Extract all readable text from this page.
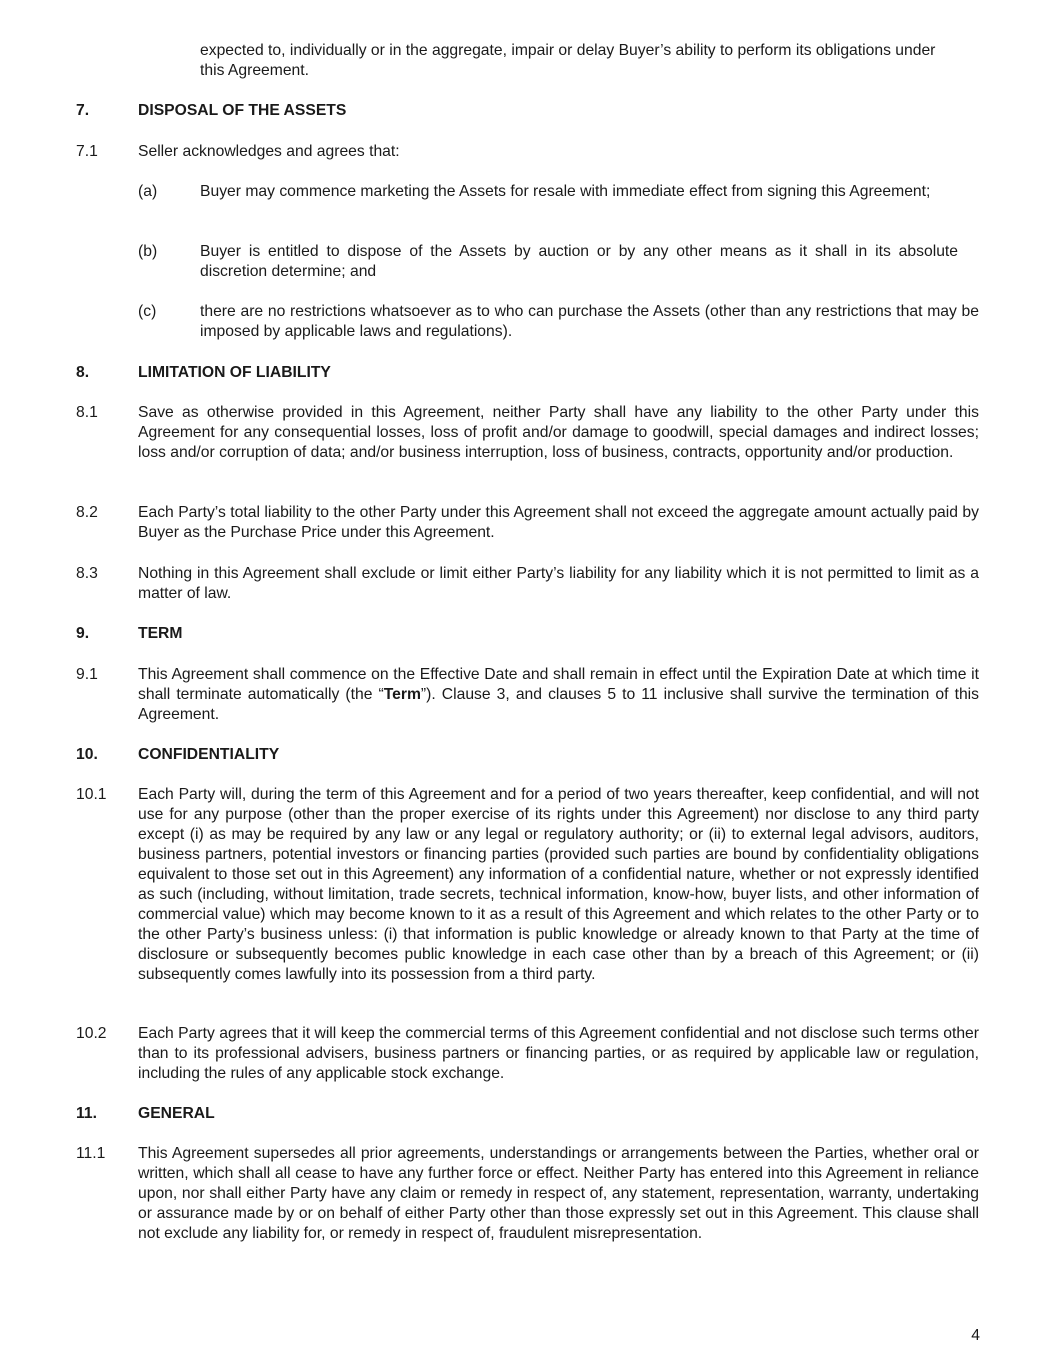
expected to, individually or in the aggregate, impair or delay Buyer’s ability to perform its obligations under this Agreement.
7.	DISPOSAL OF THE ASSETS
7.1	Seller acknowledges and agrees that:
(a)	Buyer may commence marketing the Assets for resale with immediate effect from signing this Agreement;
(b)	Buyer is entitled to dispose of the Assets by auction or by any other means as it shall in its absolute discretion determine; and
(c)	there are no restrictions whatsoever as to who can purchase the Assets (other than any restrictions that may be imposed by applicable laws and regulations).
8.	LIMITATION OF LIABILITY
8.1	Save as otherwise provided in this Agreement, neither Party shall have any liability to the other Party under this Agreement for any consequential losses, loss of profit and/or damage to goodwill, special damages and indirect losses; loss and/or corruption of data; and/or business interruption, loss of business, contracts, opportunity and/or production.
8.2	Each Party’s total liability to the other Party under this Agreement shall not exceed the aggregate amount actually paid by Buyer as the Purchase Price under this Agreement.
8.3	Nothing in this Agreement shall exclude or limit either Party’s liability for any liability which it is not permitted to limit as a matter of law.
9.	TERM
9.1	This Agreement shall commence on the Effective Date and shall remain in effect until the Expiration Date at which time it shall terminate automatically (the “Term”). Clause 3, and clauses 5 to 11 inclusive shall survive the termination of this Agreement.
10.	CONFIDENTIALITY
10.1	Each Party will, during the term of this Agreement and for a period of two years thereafter, keep confidential, and will not use for any purpose (other than the proper exercise of its rights under this Agreement) nor disclose to any third party except (i) as may be required by any law or any legal or regulatory authority; or (ii) to external legal advisors, auditors, business partners, potential investors or financing parties (provided such parties are bound by confidentiality obligations equivalent to those set out in this Agreement) any information of a confidential nature, whether or not expressly identified as such (including, without limitation, trade secrets, technical information, know-how, buyer lists, and other information of commercial value) which may become known to it as a result of this Agreement and which relates to the other Party or to the other Party’s business unless: (i) that information is public knowledge or already known to that Party at the time of disclosure or subsequently becomes public knowledge in each case other than by a breach of this Agreement; or (ii) subsequently comes lawfully into its possession from a third party.
10.2	Each Party agrees that it will keep the commercial terms of this Agreement confidential and not disclose such terms other than to its professional advisers, business partners or financing parties, or as required by applicable law or regulation, including the rules of any applicable stock exchange.
11.	GENERAL
11.1	This Agreement supersedes all prior agreements, understandings or arrangements between the Parties, whether oral or written, which shall all cease to have any further force or effect. Neither Party has entered into this Agreement in reliance upon, nor shall either Party have any claim or remedy in respect of, any statement, representation, warranty, undertaking or assurance made by or on behalf of either Party other than those expressly set out in this Agreement. This clause shall not exclude any liability for, or remedy in respect of, fraudulent misrepresentation.
4
